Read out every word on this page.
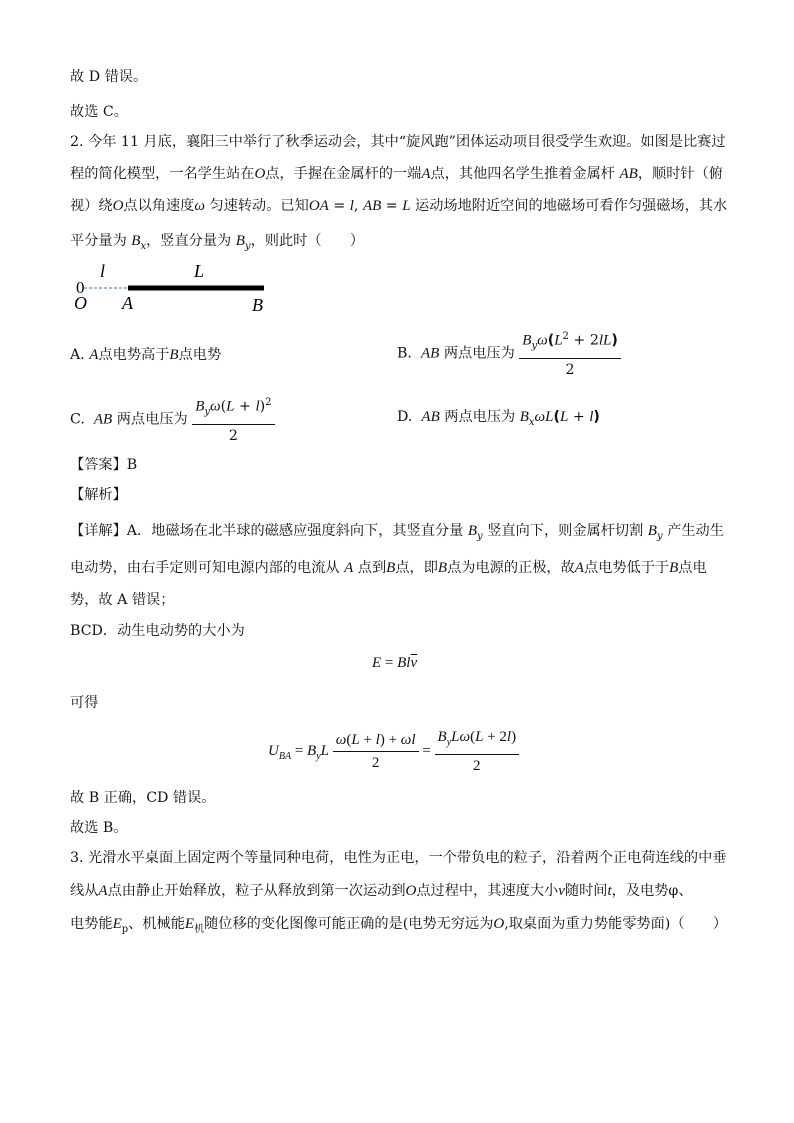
故 D 错误。
故选 C。
2. 今年 11 月底，襄阳三中举行了秋季运动会，其中“旋风跑”团体运动项目很受学生欢迎。如图是比赛过
程的简化模型，一名学生站在O点，手握在金属杆的一端A点，其他四名学生推着金属杆 AB，顺时针（俯
视）绕O点以角速度ω 匀速转动。已知OA = l, AB = L 运动场地附近空间的地磁场可看作匀强磁场，其水
平分量为 $B_x$，竖直分量为 $B_y$，则此时（　　）
0
l	L
O A	B
A. A点电势高于B点电势	B. AB 两点电压为 $\frac{B_y\omega(L^2 + 2lL)}{2}$
C. AB 两点电压为 $\frac{B_y\omega(L + l)^2}{2}$	D. AB 两点电压为 $B_x\omega L(L + l)$
【答案】B
【解析】
【详解】A．地磁场在北半球的磁感应强度斜向下，其竖直分量 $B_y$ 竖直向下，则金属杆切割 $B_y$ 产生动生
电动势，由右手定则可知电源内部的电流从 A 点到B点，即B点为电源的正极，故A点电势低于于B点电
势，故 A 错误；
BCD．动生电动势的大小为
$E = Bl\overline{v}$
可得
$U_{BA} = B_yL \frac{\omega(L + l) + \omega l}{2} = \frac{B_yL\omega(L + 2l)}{2}$
故 B 正确，CD 错误。
故选 B。
3. 光滑水平桌面上固定两个等量同种电荷，电性为正电，一个带负电的粒子，沿着两个正电荷连线的中垂
线从A点由静止开始释放，粒子从释放到第一次运动到O点过程中，其速度大小v随时间t，及电势φ、
电势能$E_p$、机械能$E_机$随位移的变化图像可能正确的是(电势无穷远为O,取桌面为重力势能零势面)（　　）
